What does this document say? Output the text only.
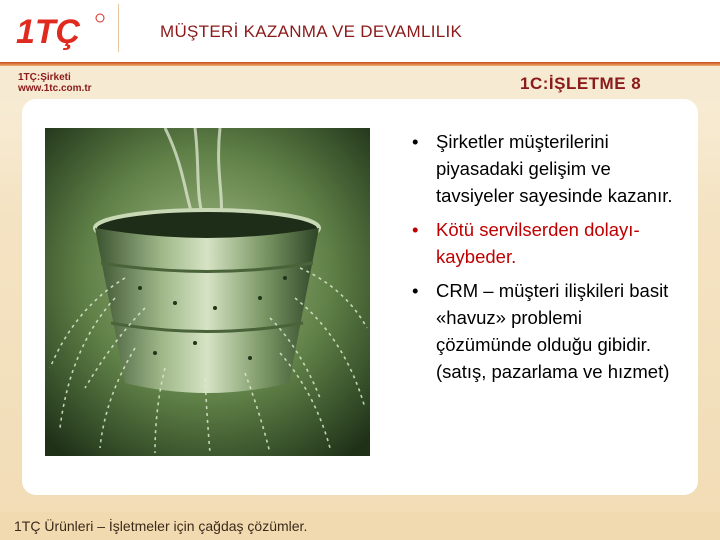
1TÇ	MÜŞTERİ KAZANMA VE DEVAMLILIK
1TÇ:Şirketi
www.1tc.com.tr	1C:İŞLETME 8
• Şirketler müşterilerini piyasadaki gelişim ve tavsiyeler sayesinde kazanır.
• Kötü servilserden dolayı-kaybeder.
• CRM – müşteri ilişkileri basit «havuz» problemi çözümünde olduğu gibidir.(satış, pazarlama ve hızmet)
1TÇ Ürünleri – İşletmeler için çağdaş çözümler.
